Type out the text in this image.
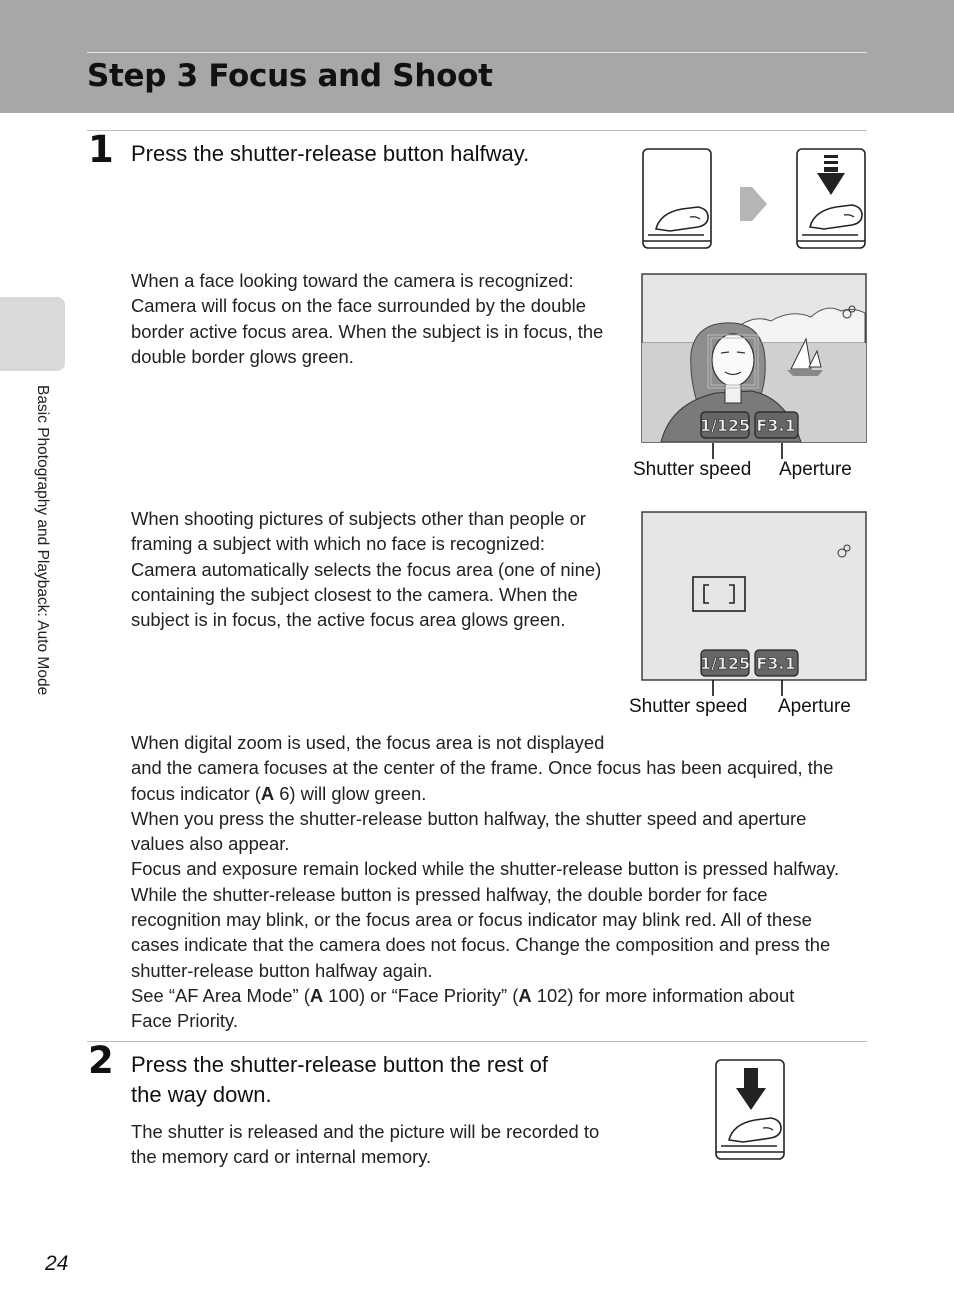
Step 3 Focus and Shoot
Basic Photography and Playback: Auto Mode
1 Press the shutter-release button halfway.

When a face looking toward the camera is recognized:

Camera will focus on the face surrounded by the double

border active focus area. When the subject is in focus, the

double border glows green.

1/125 F3.1
Shutter speed Aperture

When shooting pictures of subjects other than people or

framing a subject with which no face is recognized:

Camera automatically selects the focus area (one of nine)

containing the subject closest to the camera. When the

subject is in focus, the active focus area glows green.

1/125 F3.1
Shutter speed Aperture

When digital zoom is used, the focus area is not displayed

and the camera focuses at the center of the frame. Once focus has been acquired, the

focus indicator (A 6) will glow green.

When you press the shutter-release button halfway, the shutter speed and aperture

values also appear.

Focus and exposure remain locked while the shutter-release button is pressed halfway.

While the shutter-release button is pressed halfway, the double border for face

recognition may blink, or the focus area or focus indicator may blink red. All of these

cases indicate that the camera does not focus. Change the composition and press the

shutter-release button halfway again.

See “AF Area Mode” (A 100) or “Face Priority” (A 102) for more information about

Face Priority.

2 Press the shutter-release button the rest of
the way down.

The shutter is released and the picture will be recorded to

the memory card or internal memory.

24
